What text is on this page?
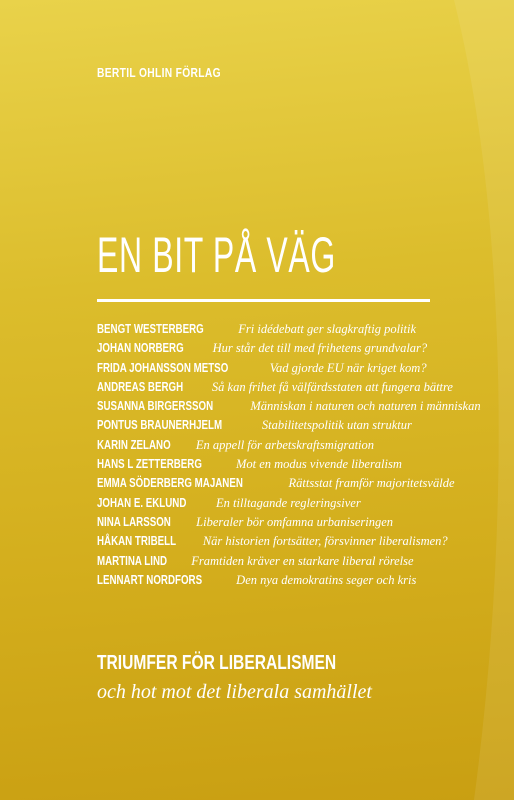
BERTIL OHLIN FÖRLAG
EN BIT PÅ VÄG
BENGT WESTERBERG	Fri idédebatt ger slagkraftig politik
JOHAN NORBERG Hur står det till med frihetens grundvalar?
FRIDA JOHANSSON METSO	Vad gjorde EU när kriget kom?
ANDREAS BERGH Så kan frihet få välfärdsstaten att fungera bättre
SUSANNA BIRGERSSON	Människan i naturen och naturen i människan
PONTUS BRAUNERHJELM	Stabilitetspolitik utan struktur
KARIN ZELANO En appell för arbetskraftsmigration
HANS L ZETTERBERG	Mot en modus vivende liberalism
EMMA SÖDERBERG MAJANEN	Rättsstat framför majoritetsvälde
JOHAN E. EKLUND En tilltagande regleringsiver
NINA LARSSON Liberaler bör omfamna urbaniseringen
HÅKAN TRIBELL När historien fortsätter, försvinner liberalismen?
MARTINA LIND Framtiden kräver en starkare liberal rörelse
LENNART NORDFORS	Den nya demokratins seger och kris
TRIUMFER FÖR LIBERALISMEN
och hot mot det liberala samhället
